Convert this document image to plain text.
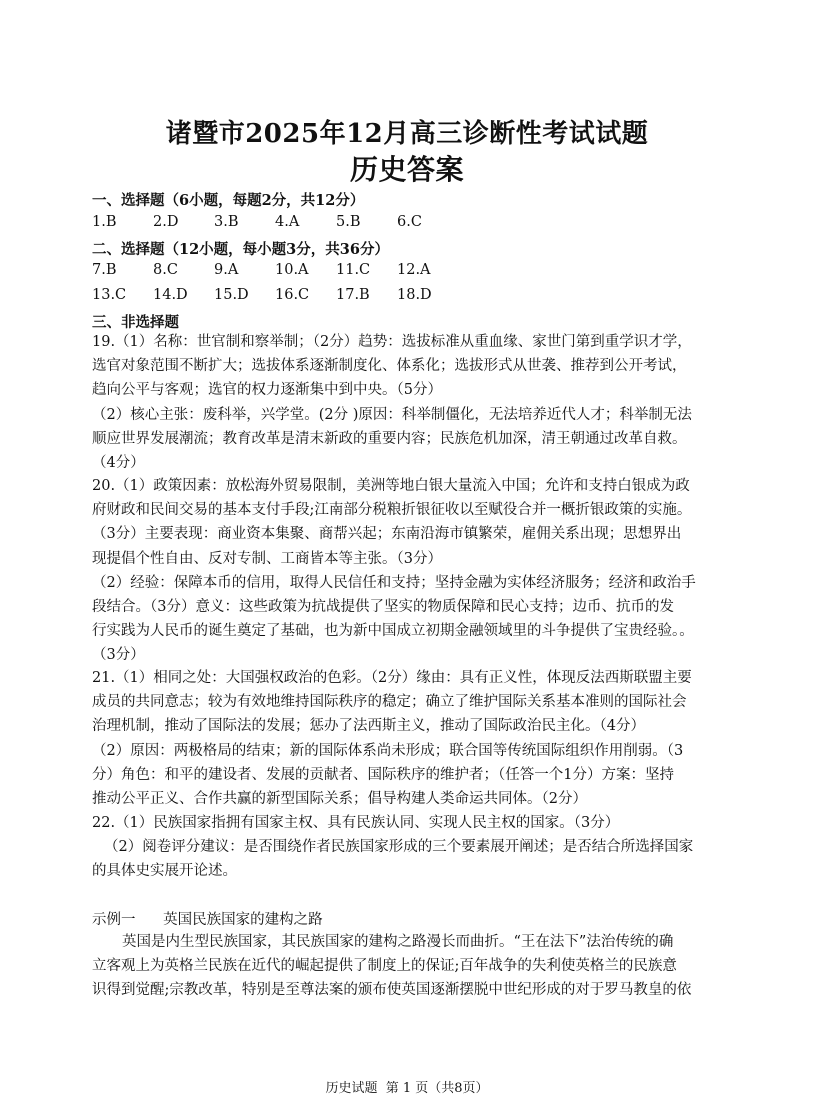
诸暨市2025年12月高三诊断性考试试题
历史答案
一、选择题（6小题，每题2分，共12分）
1.B	2.D 3.B	4.A	5.B	6.C
二、选择题（12小题，每小题3分，共36分）
7.B	8.C 9.A	10.A 11.C 12.A
13.C 14.D 15.D 16.C 17.B 18.D
三、非选择题
19.（1）名称：世官制和察举制；（2分）趋势：选拔标准从重血缘、家世门第到重学识才学，
选官对象范围不断扩大；选拔体系逐渐制度化、体系化；选拔形式从世袭、推荐到公开考试，
趋向公平与客观；选官的权力逐渐集中到中央。（5分）
（2）核心主张：废科举，兴学堂。(2分 )原因：科举制僵化，无法培养近代人才；科举制无法
顺应世界发展潮流；教育改革是清末新政的重要内容；民族危机加深，清王朝通过改革自救。
（4分）
20.（1）政策因素：放松海外贸易限制，美洲等地白银大量流入中国；允许和支持白银成为政
府财政和民间交易的基本支付手段;江南部分税粮折银征收以至赋役合并一概折银政策的实施。
（3分）主要表现：商业资本集聚、商帮兴起；东南沿海市镇繁荣，雇佣关系出现；思想界出
现提倡个性自由、反对专制、工商皆本等主张。（3分）
（2）经验：保障本币的信用，取得人民信任和支持；坚持金融为实体经济服务；经济和政治手
段结合。（3分）意义：这些政策为抗战提供了坚实的物质保障和民心支持；边币、抗币的发
行实践为人民币的诞生奠定了基础，也为新中国成立初期金融领域里的斗争提供了宝贵经验。。
（3分）
21.（1）相同之处：大国强权政治的色彩。（2分）缘由：具有正义性，体现反法西斯联盟主要
成员的共同意志；较为有效地维持国际秩序的稳定；确立了维护国际关系基本准则的国际社会
治理机制，推动了国际法的发展；惩办了法西斯主义，推动了国际政治民主化。（4分）
（2）原因：两极格局的结束；新的国际体系尚未形成；联合国等传统国际组织作用削弱。（3
分）角色：和平的建设者、发展的贡献者、国际秩序的维护者；（任答一个1分）方案：坚持
推动公平正义、合作共赢的新型国际关系；倡导构建人类命运共同体。（2分）
22.（1）民族国家指拥有国家主权、具有民族认同、实现人民主权的国家。（3分）
（2）阅卷评分建议：是否围绕作者民族国家形成的三个要素展开阐述；是否结合所选择国家
的具体史实展开论述。
示例一      英国民族国家的建构之路
英国是内生型民族国家，其民族国家的建构之路漫长而曲折。“王在法下”法治传统的确
立客观上为英格兰民族在近代的崛起提供了制度上的保证;百年战争的失利使英格兰的民族意
识得到觉醒;宗教改革，特别是至尊法案的颁布使英国逐渐摆脱中世纪形成的对于罗马教皇的依
历史试题  第 1 页（共8页）
